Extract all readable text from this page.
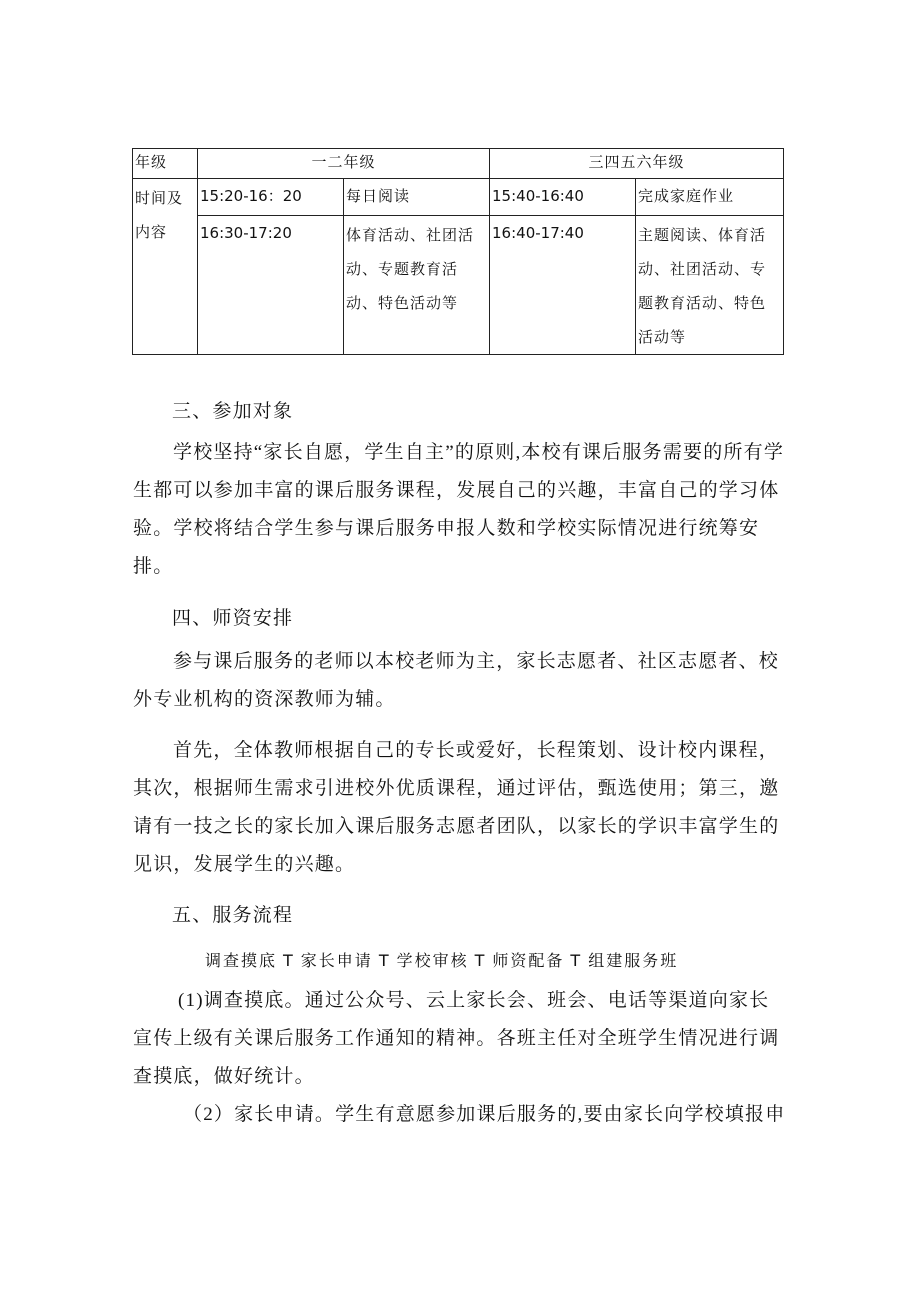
年级	一二年级		三四五六年级	

时间及
内容	15:20-16：20	每日阅读	15:40-16:40	完成家庭作业
	16:30-17:20	体育活动、社团活动、专题教育活动、特色活动等	16:40-17:40	主题阅读、体育活动、社团活动、专题教育活动、特色活动等
三、参加对象
学校坚持“家长自愿，学生自主”的原则,本校有课后服务需要的所有学生都可以参加丰富的课后服务课程，发展自己的兴趣，丰富自己的学习体验。学校将结合学生参与课后服务申报人数和学校实际情况进行统筹安排。
四、师资安排
参与课后服务的老师以本校老师为主，家长志愿者、社区志愿者、校外专业机构的资深教师为辅。
首先，全体教师根据自己的专长或爱好，长程策划、设计校内课程，其次，根据师生需求引进校外优质课程，通过评估，甄选使用；第三，邀请有一技之长的家长加入课后服务志愿者团队，以家长的学识丰富学生的见识，发展学生的兴趣。
五、服务流程
调查摸底 T 家长申请 T 学校审核 T 师资配备 T 组建服务班
(1)调查摸底。通过公众号、云上家长会、班会、电话等渠道向家长宣传上级有关课后服务工作通知的精神。各班主任对全班学生情况进行调查摸底，做好统计。
（2）家长申请。学生有意愿参加课后服务的,要由家长向学校填报申
